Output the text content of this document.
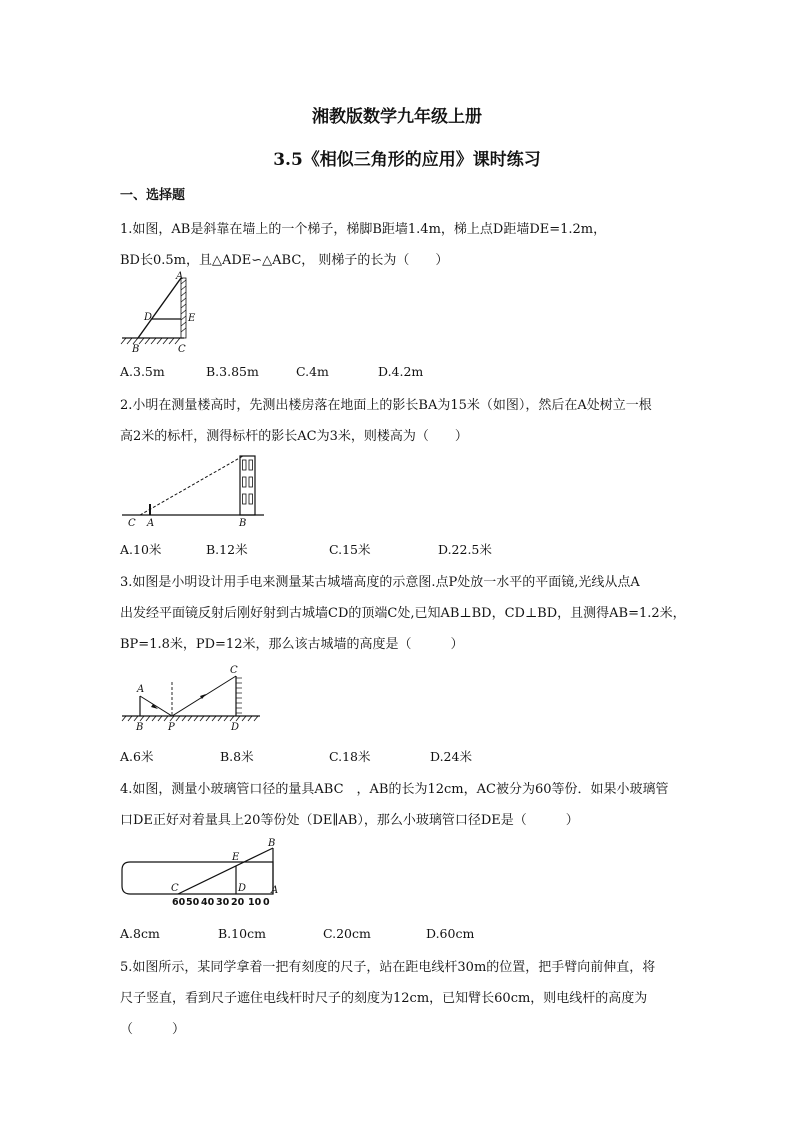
湘教版数学九年级上册
3.5《相似三角形的应用》课时练习
一、选择题
1.如图，AB是斜靠在墙上的一个梯子，梯脚B距墙1.4m，梯上点D距墙DE=1.2m，
BD长0.5m，且△ADE∽△ABC， 则梯子的长为（　　）
A
D	E
B	C
A.3.5m	B.3.85m	C.4m	D.4.2m
2.小明在测量楼高时，先测出楼房落在地面上的影长BA为15米（如图），然后在A处树立一根
高2米的标杆，测得标杆的影长AC为3米，则楼高为（　　）
C A	B
A.10米	B.12米	C.15米	D.22.5米
3.如图是小明设计用手电来测量某古城墙高度的示意图.点P处放一水平的平面镜,光线从点A
出发经平面镜反射后刚好射到古城墙CD的顶端C处,已知AB⊥BD，CD⊥BD，且测得AB=1.2米，
BP=1.8米，PD=12米，那么该古城墙的高度是（　　　）
A
B P
C
D
A.6米	B.8米	C.18米	D.24米
4.如图，测量小玻璃管口径的量具ABC　，AB的长为12cm，AC被分为60等份．如果小玻璃管
口DE正好对着量具上20等份处（DE∥AB），那么小玻璃管口径DE是（　　　）
E
B
C	D A
60 50 40 30 20 10 0
A.8cm	B.10cm	C.20cm	D.60cm
5.如图所示，某同学拿着一把有刻度的尺子，站在距电线杆30m的位置，把手臂向前伸直，将
尺子竖直，看到尺子遮住电线杆时尺子的刻度为12cm，已知臂长60cm，则电线杆的高度为
（　　　）
